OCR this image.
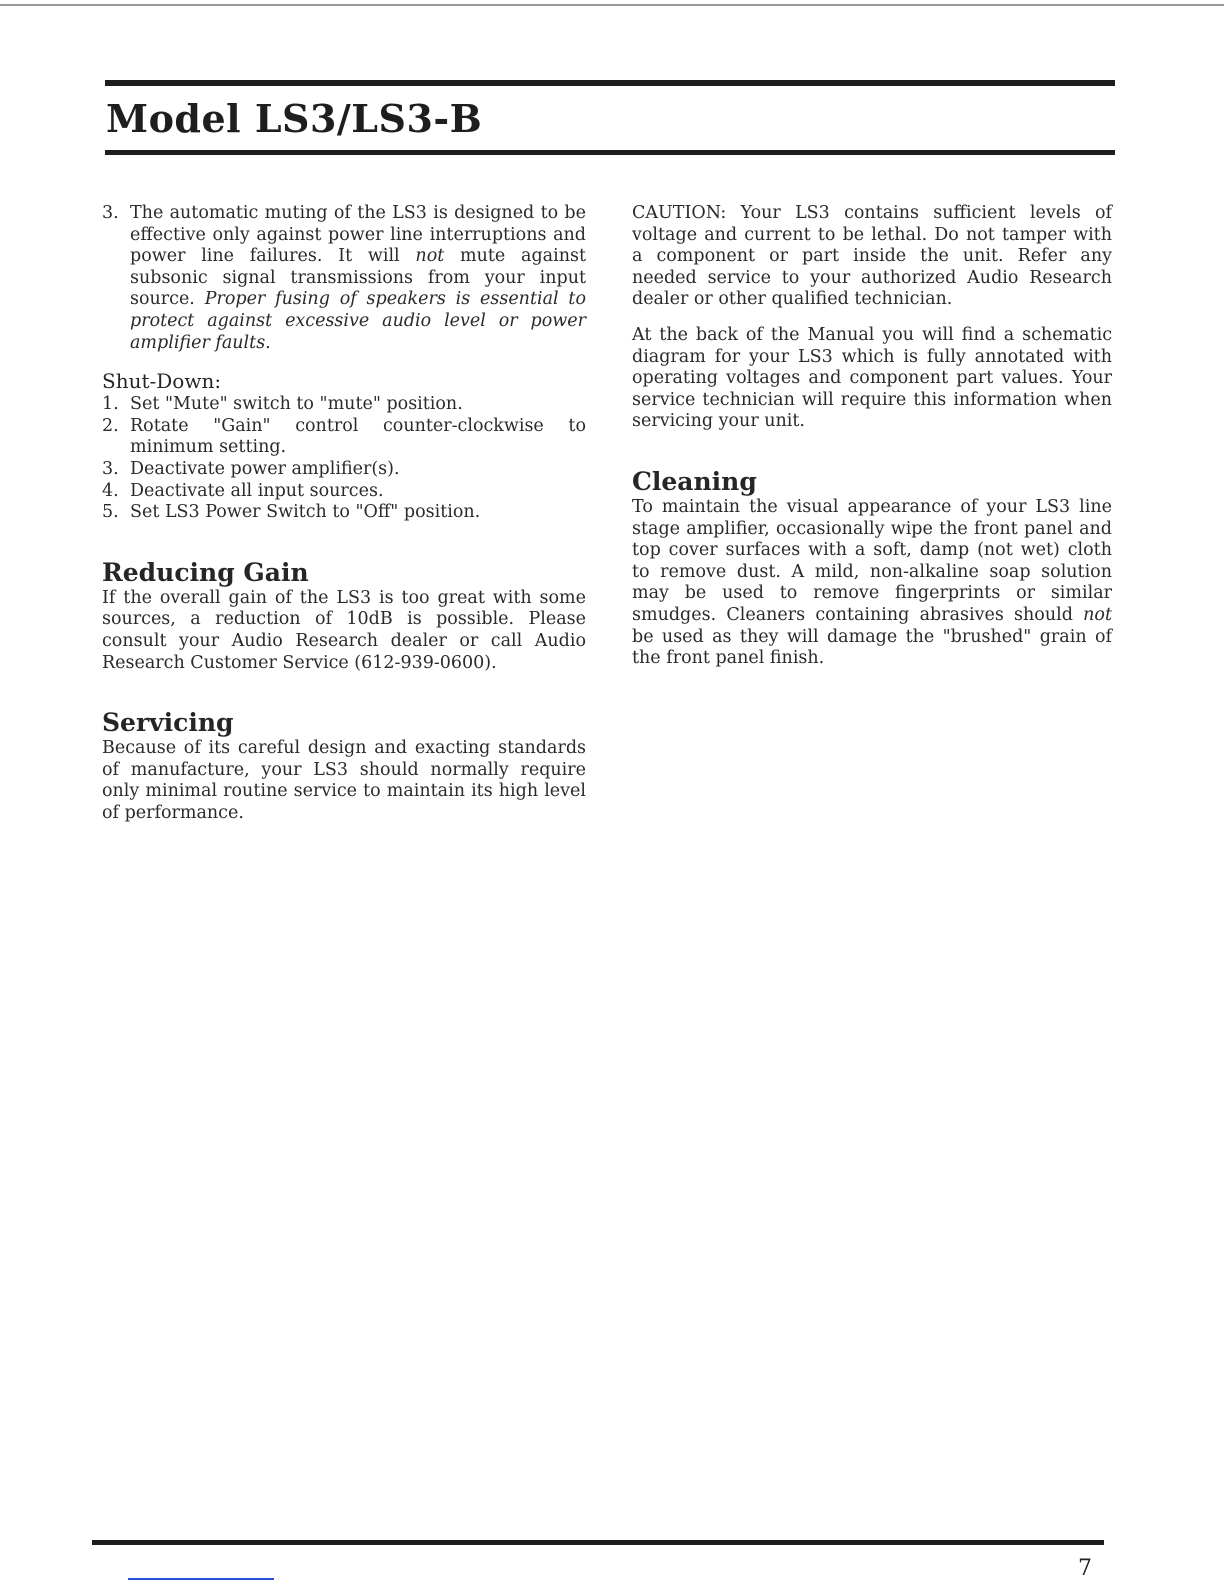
Model LS3/LS3-B
3. The automatic muting of the LS3 is designed to be effective only against power line interruptions and power line failures. It will not mute against subsonic signal transmissions from your input source. Proper fusing of speakers is essential to protect against excessive audio level or power amplifier faults.
Shut-Down:
1. Set "Mute" switch to "mute" position.
2. Rotate "Gain" control counter-clockwise to minimum setting.
3. Deactivate power amplifier(s).
4. Deactivate all input sources.
5. Set LS3 Power Switch to "Off" position.
Reducing Gain

If the overall gain of the LS3 is too great with some sources, a reduction of 10dB is possible. Please consult your Audio Research dealer or call Audio Research Customer Service (612-939-0600).

Servicing

Because of its careful design and exacting standards of manufacture, your LS3 should normally require only minimal routine service to maintain its high level of performance.

CAUTION: Your LS3 contains sufficient levels of voltage and current to be lethal. Do not tamper with a component or part inside the unit. Refer any needed service to your authorized Audio Research dealer or other qualified technician.

At the back of the Manual you will find a schematic diagram for your LS3 which is fully annotated with operating voltages and component part values. Your service technician will require this information when servicing your unit.

Cleaning

To maintain the visual appearance of your LS3 line stage amplifier, occasionally wipe the front panel and top cover surfaces with a soft, damp (not wet) cloth to remove dust. A mild, non-alkaline soap solution may be used to remove fingerprints or similar smudges. Cleaners containing abrasives should not be used as they will damage the "brushed" grain of the front panel finish.

7
